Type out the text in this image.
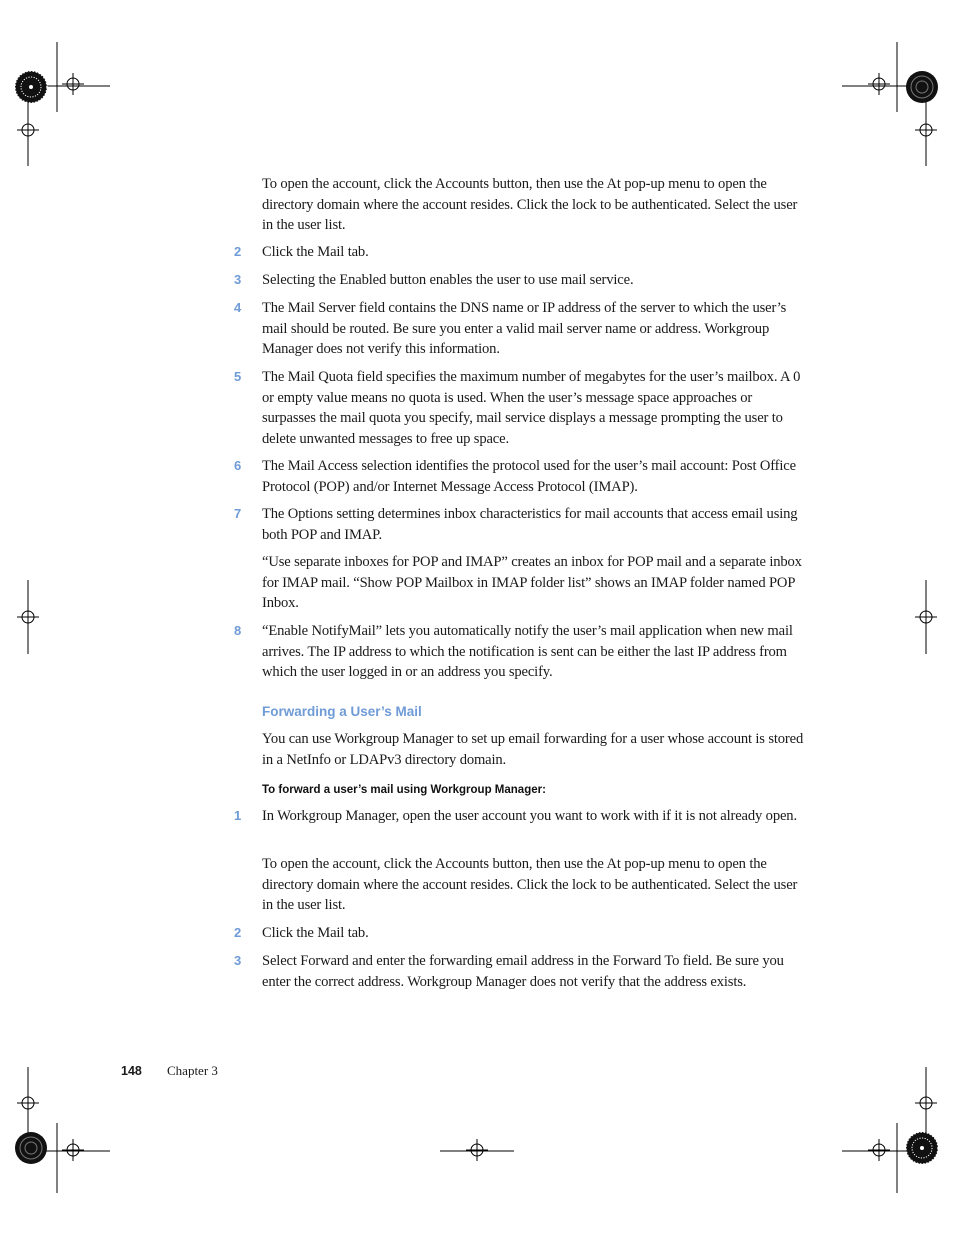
To open the account, click the Accounts button, then use the At pop-up menu to open the directory domain where the account resides. Click the lock to be authenticated. Select the user in the user list.
2	Click the Mail tab.
3	Selecting the Enabled button enables the user to use mail service.
4	The Mail Server field contains the DNS name or IP address of the server to which the user’s mail should be routed. Be sure you enter a valid mail server name or address. Workgroup Manager does not verify this information.
5	The Mail Quota field specifies the maximum number of megabytes for the user’s mailbox. A 0 or empty value means no quota is used. When the user’s message space approaches or surpasses the mail quota you specify, mail service displays a message prompting the user to delete unwanted messages to free up space.
6	The Mail Access selection identifies the protocol used for the user’s mail account: Post Office Protocol (POP) and/or Internet Message Access Protocol (IMAP).
7	The Options setting determines inbox characteristics for mail accounts that access email using both POP and IMAP.
“Use separate inboxes for POP and IMAP” creates an inbox for POP mail and a separate inbox for IMAP mail. “Show POP Mailbox in IMAP folder list” shows an IMAP folder named POP Inbox.
8	“Enable NotifyMail” lets you automatically notify the user’s mail application when new mail arrives. The IP address to which the notification is sent can be either the last IP address from which the user logged in or an address you specify.
Forwarding a User’s Mail
You can use Workgroup Manager to set up email forwarding for a user whose account is stored in a NetInfo or LDAPv3 directory domain.
To forward a user’s mail using Workgroup Manager:
1	In Workgroup Manager, open the user account you want to work with if it is not already open.
To open the account, click the Accounts button, then use the At pop-up menu to open the directory domain where the account resides. Click the lock to be authenticated. Select the user in the user list.
2	Click the Mail tab.
3	Select Forward and enter the forwarding email address in the Forward To field. Be sure you enter the correct address. Workgroup Manager does not verify that the address exists.
148 Chapter 3
